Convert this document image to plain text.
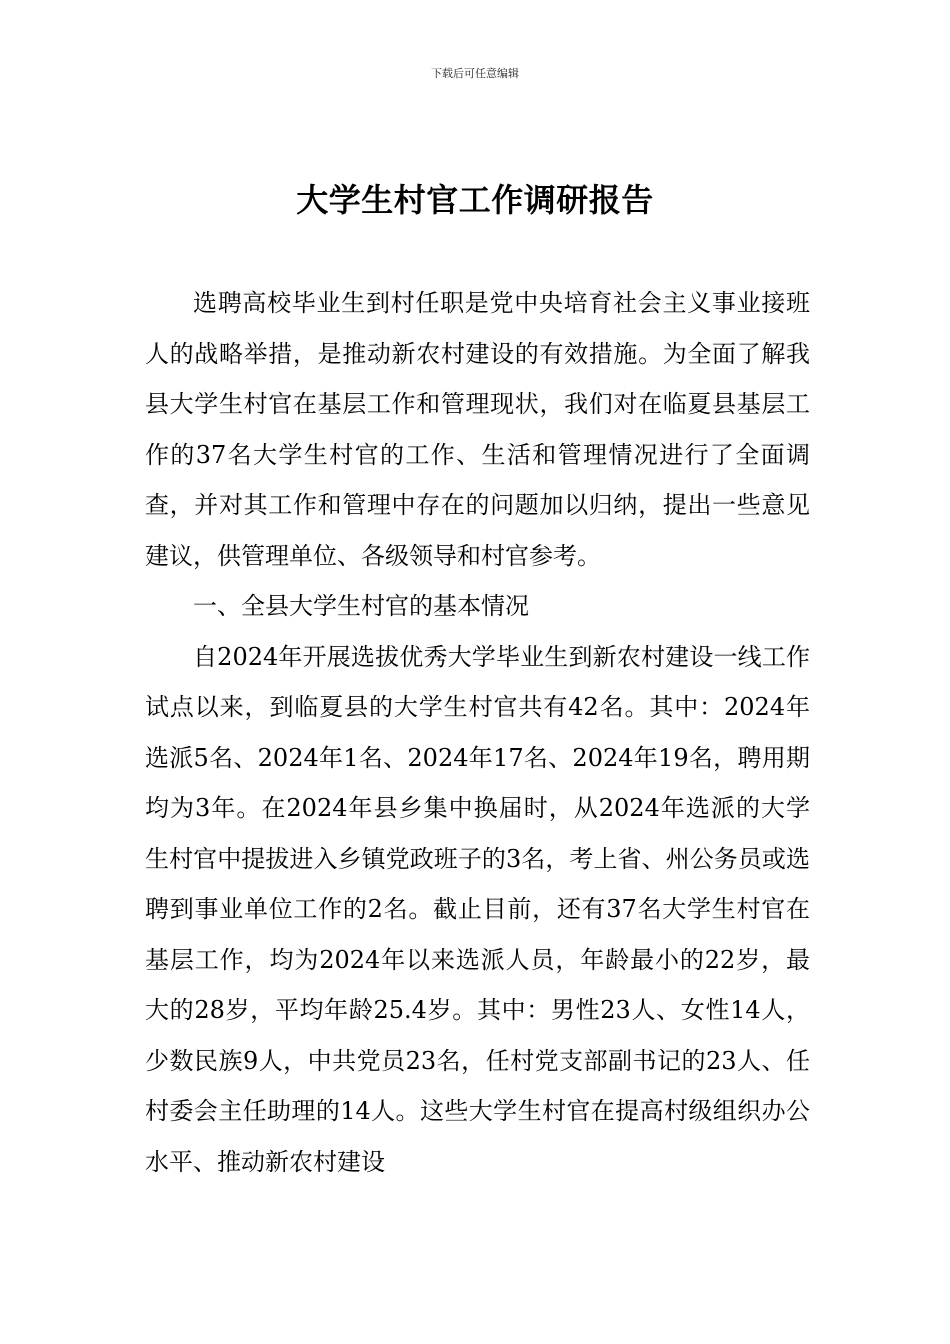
下载后可任意编辑
大学生村官工作调研报告

选聘高校毕业生到村任职是党中央培育社会主义事业接班人的战略举措，是推动新农村建设的有效措施。为全面了解我县大学生村官在基层工作和管理现状，我们对在临夏县基层工作的37名大学生村官的工作、生活和管理情况进行了全面调查，并对其工作和管理中存在的问题加以归纳，提出一些意见建议，供管理单位、各级领导和村官参考。

一、全县大学生村官的基本情况

自2024年开展选拔优秀大学毕业生到新农村建设一线工作试点以来，到临夏县的大学生村官共有42名。其中：2024年选派5名、2024年1名、2024年17名、2024年19名，聘用期均为3年。在2024年县乡集中换届时，从2024年选派的大学生村官中提拔进入乡镇党政班子的3名，考上省、州公务员或选聘到事业单位工作的2名。截止目前，还有37名大学生村官在基层工作，均为2024年以来选派人员，年龄最小的22岁，最大的28岁，平均年龄25.4岁。其中：男性23人、女性14人，少数民族9人，中共党员23名，任村党支部副书记的23人、任村委会主任助理的14人。这些大学生村官在提高村级组织办公水平、推动新农村建设
